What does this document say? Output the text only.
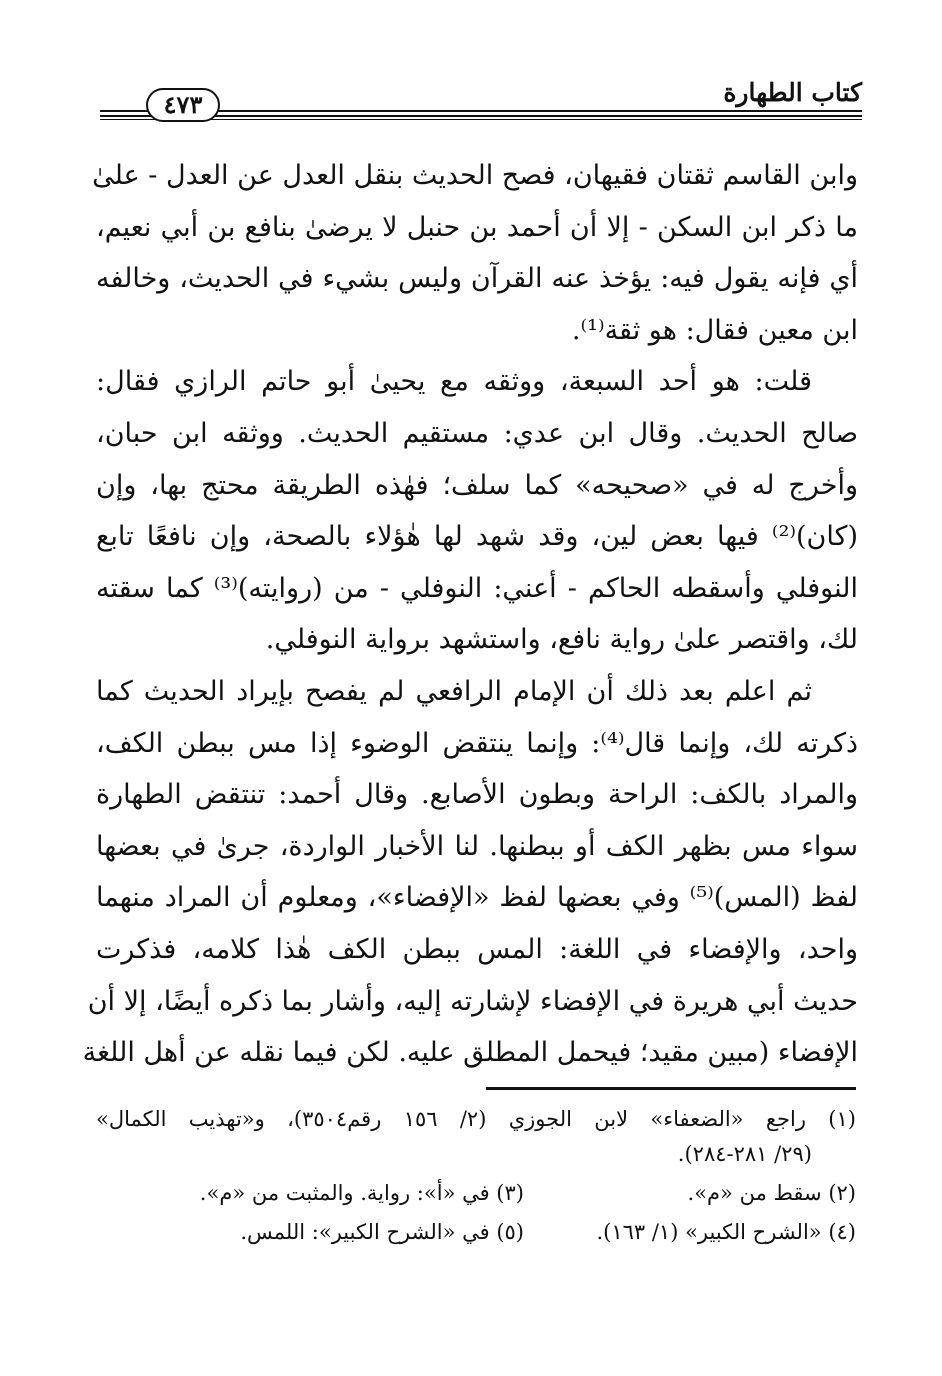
٤٧٣	كتاب الطهارة
وابن القاسم ثقتان فقيهان، فصح الحديث بنقل العدل عن العدل - علىٰ
ما ذكر ابن السكن - إلا أن أحمد بن حنبل لا يرضىٰ بنافع بن أبي نعيم،
أي فإنه يقول فيه: يؤخذ عنه القرآن وليس بشيء في الحديث، وخالفه
ابن معين فقال: هو ثقة⁽¹⁾.
قلت: هو أحد السبعة، ووثقه مع يحيىٰ أبو حاتم الرازي فقال:
صالح الحديث. وقال ابن عدي: مستقيم الحديث. ووثقه ابن حبان،
وأخرج له في «صحيحه» كما سلف؛ فهٰذه الطريقة محتج بها، وإن
(كان)⁽²⁾ فيها بعض لين، وقد شهد لها هٰؤلاء بالصحة، وإن نافعًا تابع
النوفلي وأسقطه الحاكم - أعني: النوفلي - من (روايته)⁽³⁾ كما سقته
لك، واقتصر علىٰ رواية نافع، واستشهد برواية النوفلي.
ثم اعلم بعد ذلك أن الإمام الرافعي لم يفصح بإيراد الحديث كما
ذكرته لك، وإنما قال⁽⁴⁾: وإنما ينتقض الوضوء إذا مس ببطن الكف،
والمراد بالكف: الراحة وبطون الأصابع. وقال أحمد: تنتقض الطهارة
سواء مس بظهر الكف أو ببطنها. لنا الأخبار الواردة، جرىٰ في بعضها
لفظ (المس)⁽⁵⁾ وفي بعضها لفظ «الإفضاء»، ومعلوم أن المراد منهما
واحد، والإفضاء في اللغة: المس ببطن الكف هٰذا كلامه، فذكرت
حديث أبي هريرة في الإفضاء لإشارته إليه، وأشار بما ذكره أيضًا، إلا أن
الإفضاء (مبين مقيد؛ فيحمل المطلق عليه. لكن فيما نقله عن أهل اللغة
(١) راجع «الضعفاء» لابن الجوزي (٢/ ١٥٦ رقم٣٥٠٤)، و«تهذيب الكمال»
(٢٩/ ٢٨١-٢٨٤).
(٢) سقط من «م».
(٣) في «أ»: رواية. والمثبت من «م».
(٤) «الشرح الكبير» (١/ ١٦٣).
(٥) في «الشرح الكبير»: اللمس.
